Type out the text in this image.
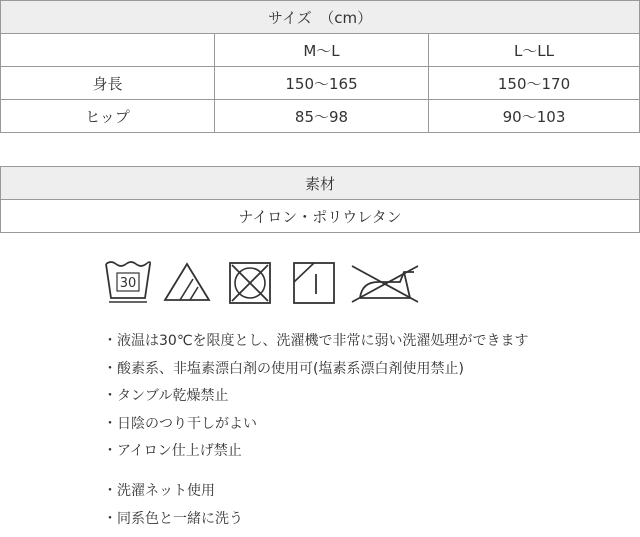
サイズ　（cm）		
	M〜L	L〜LL
身長	150〜165	150〜170
ヒップ	85〜98	90〜103
素材
ナイロン・ポリウレタン
30
・液温は30℃を限度とし、洗濯機で非常に弱い洗濯処理ができます
・酸素系、非塩素漂白剤の使用可(塩素系漂白剤使用禁止)
・タンブル乾燥禁止
・日陰のつり干しがよい
・アイロン仕上げ禁止
・洗濯ネット使用
・同系色と一緒に洗う
